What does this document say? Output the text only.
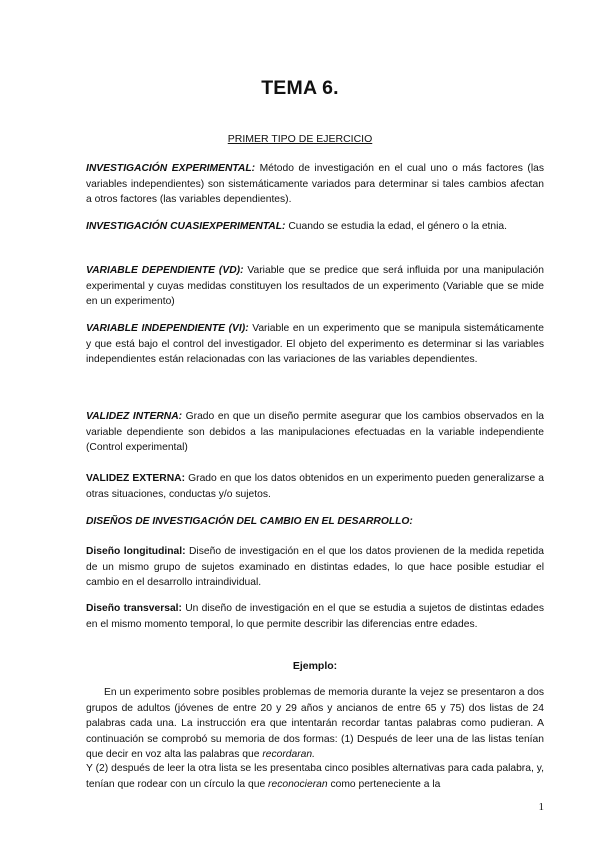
TEMA 6.
PRIMER TIPO DE EJERCICIO

INVESTIGACIÓN EXPERIMENTAL: Método de investigación en el cual uno o más factores (las variables independientes) son sistemáticamente variados para determinar si tales cambios afectan a otros factores (las variables dependientes).

INVESTIGACIÓN CUASIEXPERIMENTAL: Cuando se estudia la edad, el género o la etnia.

VARIABLE DEPENDIENTE (VD): Variable que se predice que será influida por una manipulación experimental y cuyas medidas constituyen los resultados de un experimento (Variable que se mide en un experimento)

VARIABLE INDEPENDIENTE (VI): Variable en un experimento que se manipula sistemáticamente y que está bajo el control del investigador. El objeto del experimento es determinar si las variables independientes están relacionadas con las variaciones de las variables dependientes.

VALIDEZ INTERNA: Grado en que un diseño permite asegurar que los cambios observados en la variable dependiente son debidos a las manipulaciones efectuadas en la variable independiente (Control experimental)

VALIDEZ EXTERNA: Grado en que los datos obtenidos en un experimento pueden generalizarse a otras situaciones, conductas y/o sujetos.

DISEÑOS DE INVESTIGACIÓN DEL CAMBIO EN EL DESARROLLO:

Diseño longitudinal: Diseño de investigación en el que los datos provienen de la medida repetida de un mismo grupo de sujetos examinado en distintas edades, lo que hace posible estudiar el cambio en el desarrollo intraindividual.

Diseño transversal: Un diseño de investigación en el que se estudia a sujetos de distintas edades en el mismo momento temporal, lo que permite describir las diferencias entre edades.

Ejemplo:

En un experimento sobre posibles problemas de memoria durante la vejez se presentaron a dos grupos de adultos (jóvenes de entre 20 y 29 años y ancianos de entre 65 y 75) dos listas de 24 palabras cada una. La instrucción era que intentarán recordar tantas palabras como pudieran. A continuación se comprobó su memoria de dos formas: (1) Después de leer una de las listas tenían que decir en voz alta las palabras que recordaran.

Y (2) después de leer la otra lista se les presentaba cinco posibles alternativas para cada palabra, y, tenían que rodear con un círculo la que reconocieran como perteneciente a la

1
